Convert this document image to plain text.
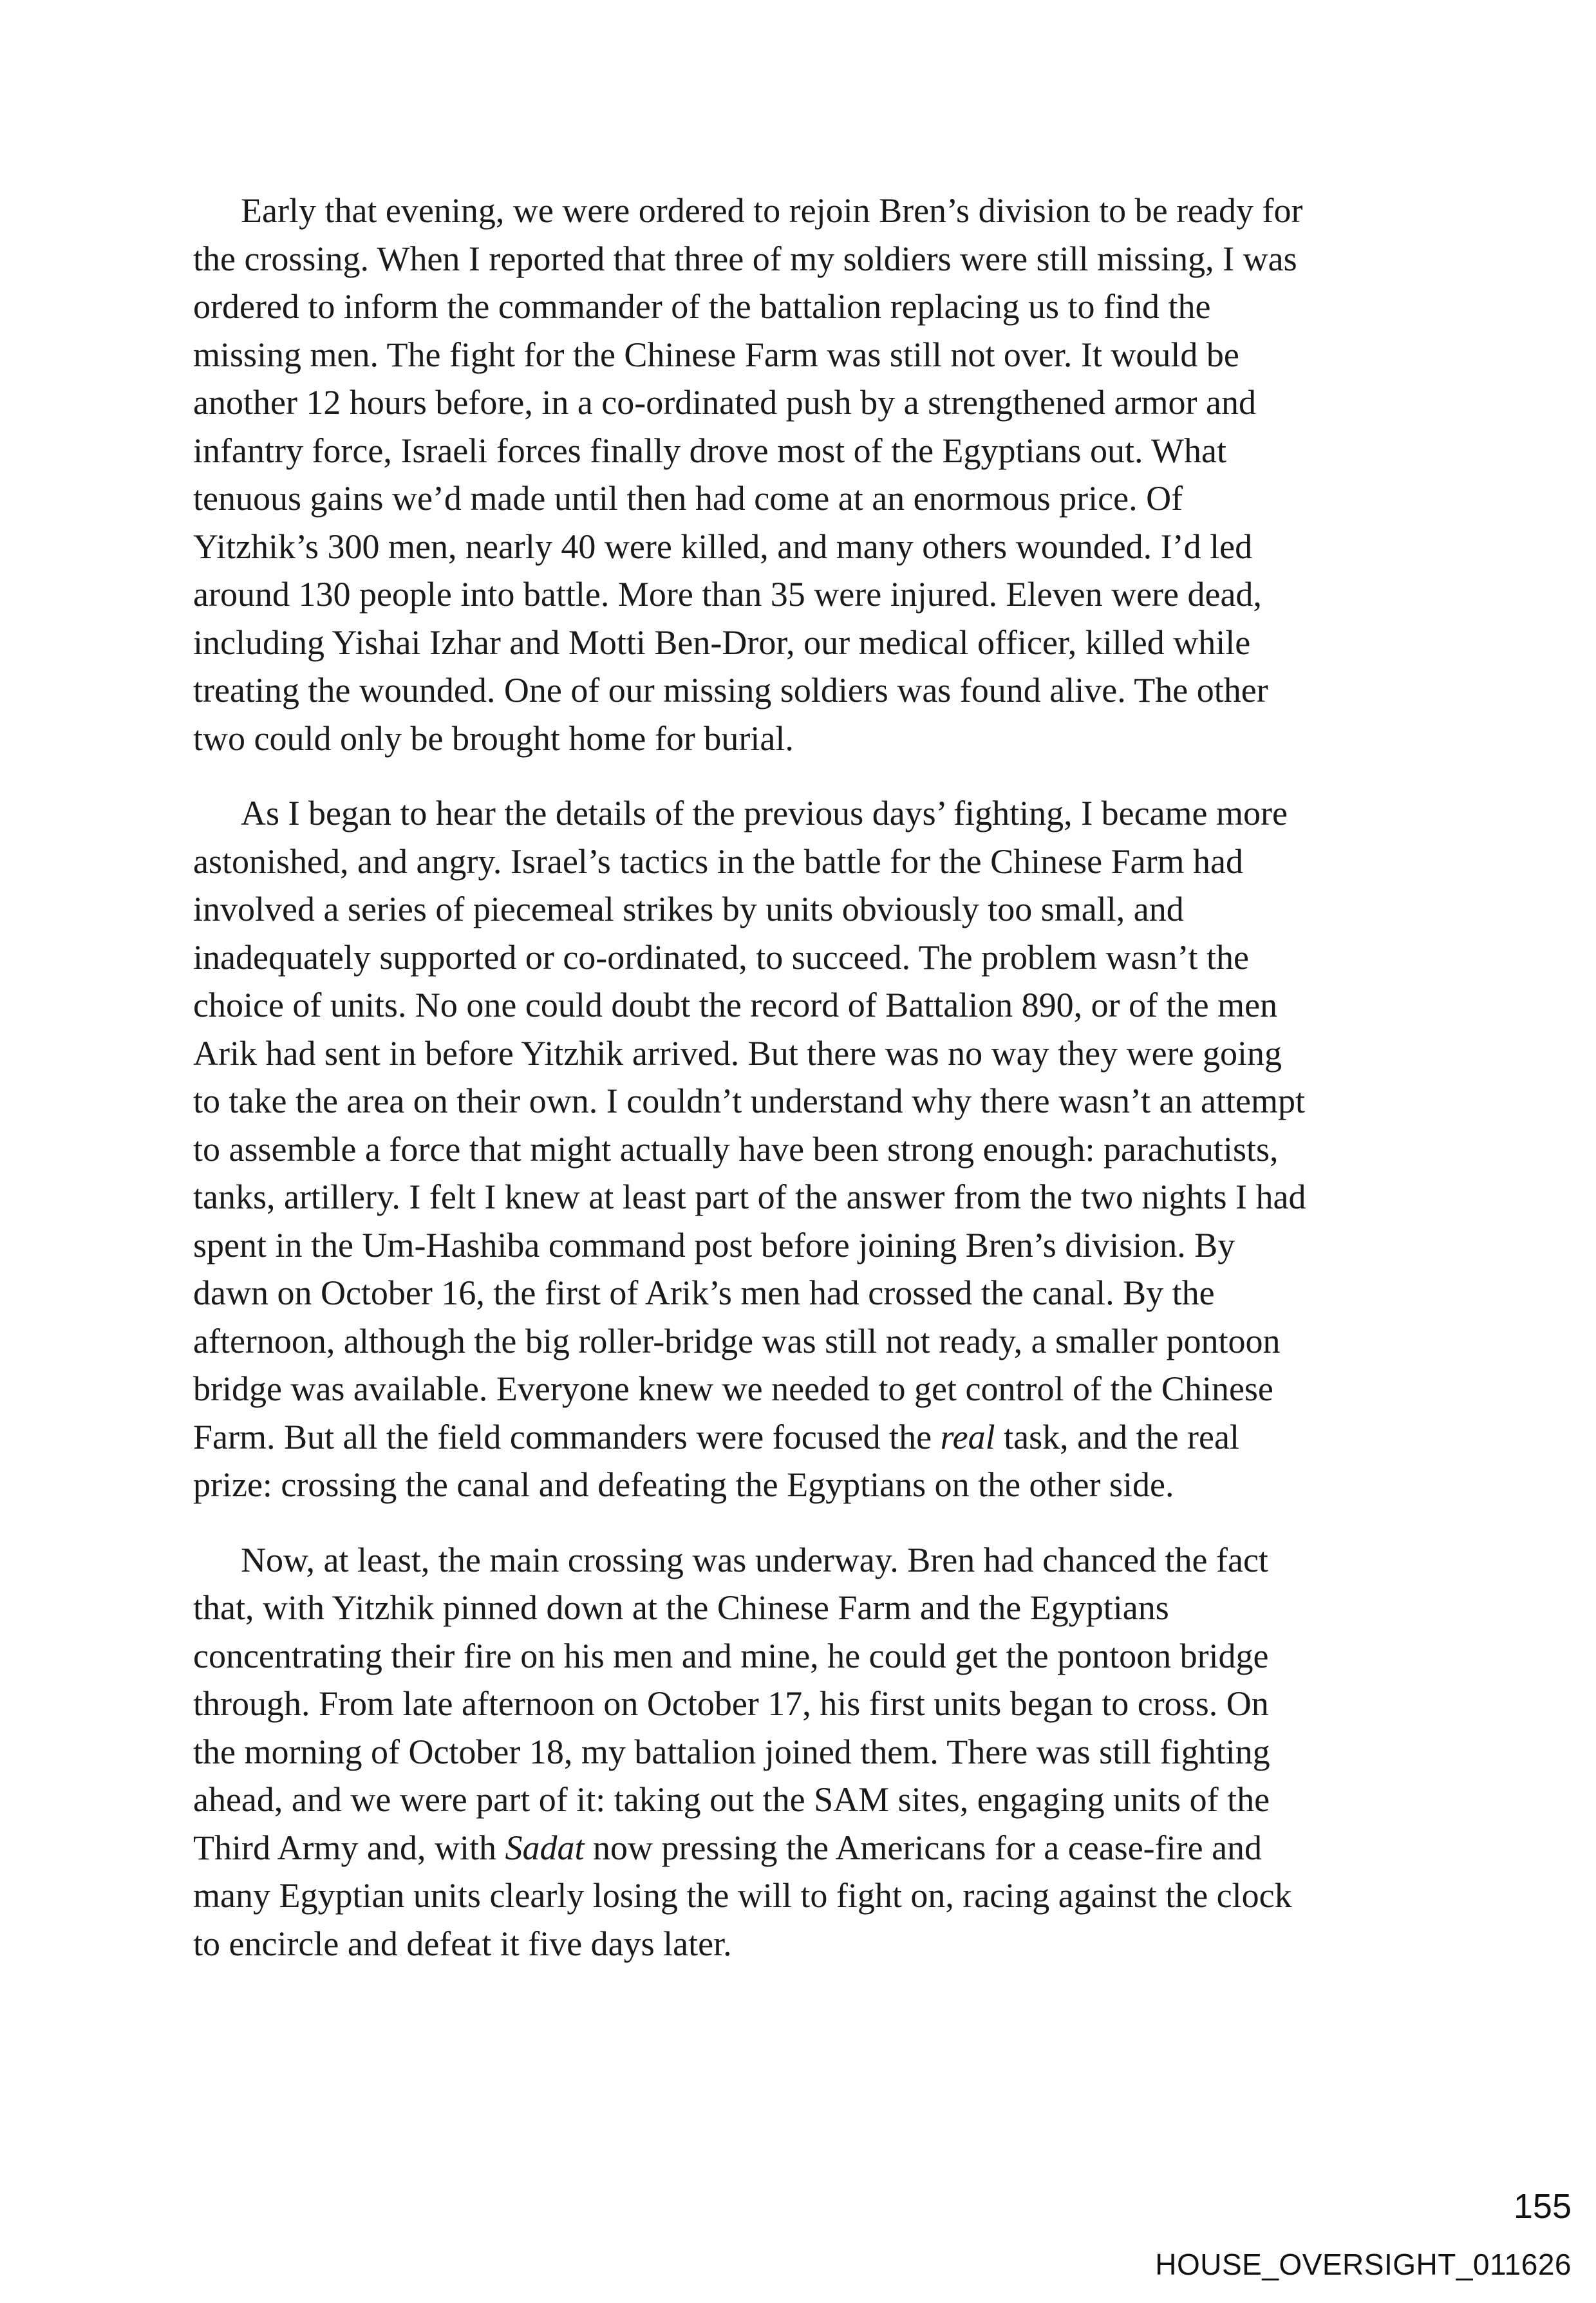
Early that evening, we were ordered to rejoin Bren’s division to be ready for
the crossing. When I reported that three of my soldiers were still missing, I was
ordered to inform the commander of the battalion replacing us to find the
missing men. The fight for the Chinese Farm was still not over. It would be
another 12 hours before, in a co-ordinated push by a strengthened armor and
infantry force, Israeli forces finally drove most of the Egyptians out. What
tenuous gains we’d made until then had come at an enormous price. Of
Yitzhik’s 300 men, nearly 40 were killed, and many others wounded. I’d led
around 130 people into battle. More than 35 were injured. Eleven were dead,
including Yishai Izhar and Motti Ben-Dror, our medical officer, killed while
treating the wounded. One of our missing soldiers was found alive. The other
two could only be brought home for burial.

As I began to hear the details of the previous days’ fighting, I became more
astonished, and angry. Israel’s tactics in the battle for the Chinese Farm had
involved a series of piecemeal strikes by units obviously too small, and
inadequately supported or co-ordinated, to succeed. The problem wasn’t the
choice of units. No one could doubt the record of Battalion 890, or of the men
Arik had sent in before Yitzhik arrived. But there was no way they were going
to take the area on their own. I couldn’t understand why there wasn’t an attempt
to assemble a force that might actually have been strong enough: parachutists,
tanks, artillery. I felt I knew at least part of the answer from the two nights I had
spent in the Um-Hashiba command post before joining Bren’s division. By
dawn on October 16, the first of Arik’s men had crossed the canal. By the
afternoon, although the big roller-bridge was still not ready, a smaller pontoon
bridge was available. Everyone knew we needed to get control of the Chinese
Farm. But all the field commanders were focused the real task, and the real
prize: crossing the canal and defeating the Egyptians on the other side.

Now, at least, the main crossing was underway. Bren had chanced the fact
that, with Yitzhik pinned down at the Chinese Farm and the Egyptians
concentrating their fire on his men and mine, he could get the pontoon bridge
through. From late afternoon on October 17, his first units began to cross. On
the morning of October 18, my battalion joined them. There was still fighting
ahead, and we were part of it: taking out the SAM sites, engaging units of the
Third Army and, with Sadat now pressing the Americans for a cease-fire and
many Egyptian units clearly losing the will to fight on, racing against the clock
to encircle and defeat it five days later.

155
HOUSE_OVERSIGHT_011626
